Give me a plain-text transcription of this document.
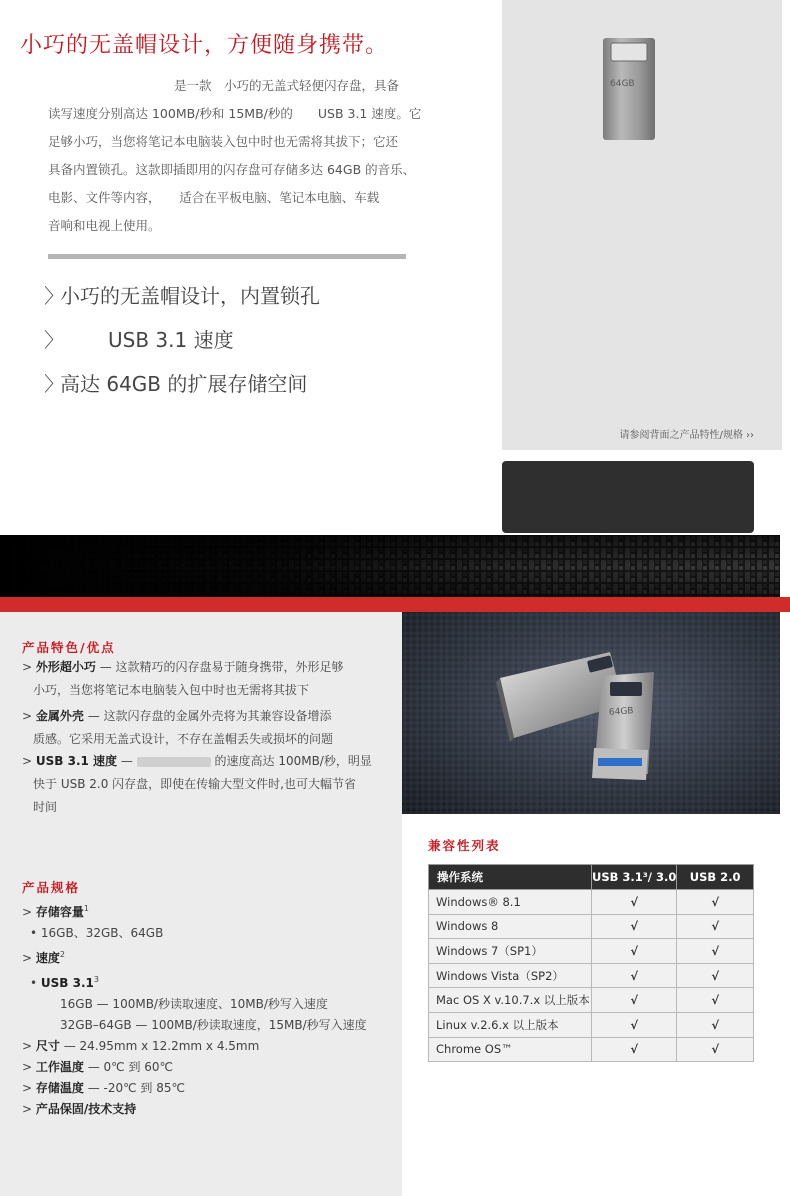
小巧的无盖帽设计，方便随身携带。

是一款　小巧的无盖式轻便闪存盘，具备

读写速度分别高达 100MB/秒和 15MB/秒的　　USB 3.1 速度。它

足够小巧，当您将笔记本电脑装入包中时也无需将其拔下；它还

具备内置锁孔。这款即插即用的闪存盘可存储多达 64GB 的音乐、

电影、文件等内容，　　适合在平板电脑、笔记本电脑、车载

音响和电视上使用。

〉小巧的无盖帽设计，内置锁孔
〉 USB 3.1 速度
〉高达 64GB 的扩展存储空间
64GB
请参阅背面之产品特性/规格 ››
产品特色/优点
> 外形超小巧 — 这款精巧的闪存盘易于随身携带，外形足够
小巧，当您将笔记本电脑装入包中时也无需将其拔下
> 金属外壳 — 这款闪存盘的金属外壳将为其兼容设备增添
质感。它采用无盖式设计，不存在盖帽丢失或损坏的问题
> USB 3.1 速度 —	的速度高达 100MB/秒，明显
快于 USB 2.0 闪存盘，即使在传输大型文件时,也可大幅节省
时间
产品规格
> 存储容量$^1$
• 16GB、32GB、64GB
> 速度$^2$
• USB $3.1^3$
16GB — 100MB/秒读取速度、10MB/秒写入速度
32GB–64GB — 100MB/秒读取速度，15MB/秒写入速度
> 尺寸 — 24.95mm x 12.2mm x 4.5mm
> 工作温度 — 0℃ 到 60℃
> 存储温度 — -20℃ 到 85℃
> 产品保固/技术支持
64GB
兼容性列表
操作系统	USB 3.1³/ 3.0	USB 2.0
Windows® 8.1	√	√
Windows 8	√	√
Windows 7（SP1）	√	√
Windows Vista（SP2）	√	√
Mac OS X v.10.7.x 以上版本	√	√
Linux v.2.6.x 以上版本	√	√
Chrome OS™	√	√
